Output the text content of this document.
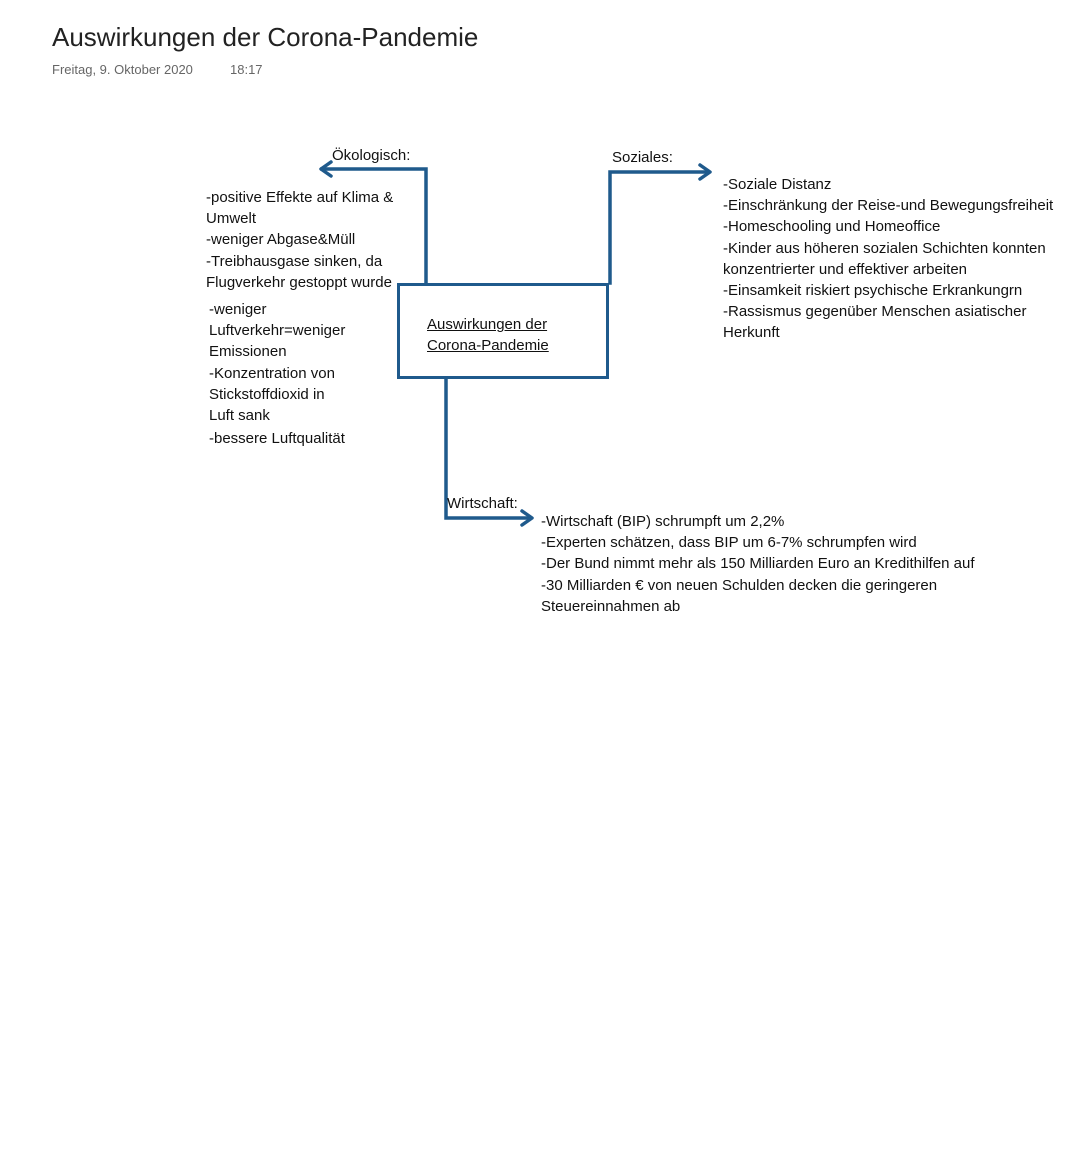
Auswirkungen der Corona-Pandemie
Freitag, 9. Oktober 2020	18:17
Ökologisch:	Soziales:
Wirtschaft:
-positive Effekte auf Klima & Umwelt
-weniger Abgase&Müll
-Treibhausgase sinken, da Flugverkehr gestoppt wurde
-weniger Luftverkehr=weniger Emissionen
-Konzentration von Stickstoffdioxid in Luft sank
-bessere Luftqualität
Auswirkungen der Corona-Pandemie
-Soziale Distanz
-Einschränkung der Reise-und Bewegungsfreiheit
-Homeschooling und Homeoffice
-Kinder aus höheren sozialen Schichten konnten konzentrierter und effektiver arbeiten
-Einsamkeit riskiert psychische Erkrankungrn
-Rassismus gegenüber Menschen asiatischer Herkunft
-Wirtschaft (BIP) schrumpft um 2,2%
-Experten schätzen, dass BIP um 6-7% schrumpfen wird
-Der Bund nimmt mehr als 150 Milliarden Euro an Kredithilfen auf
-30 Milliarden € von neuen Schulden decken die geringeren Steuereinnahmen ab
